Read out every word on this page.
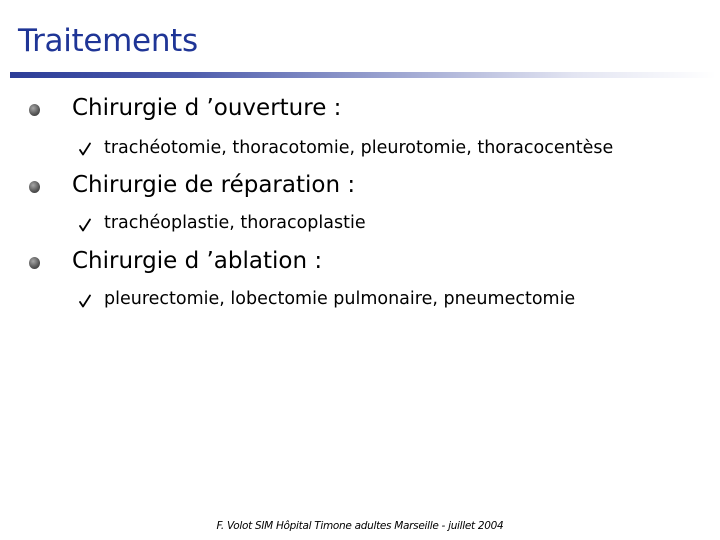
Traitements
Chirurgie d ’ouverture :
trachéotomie, thoracotomie, pleurotomie, thoracocentèse
Chirurgie de réparation :
trachéoplastie, thoracoplastie
Chirurgie d ’ablation :
pleurectomie, lobectomie pulmonaire, pneumectomie
F. Volot SIM Hôpital Timone adultes Marseille - juillet 2004
